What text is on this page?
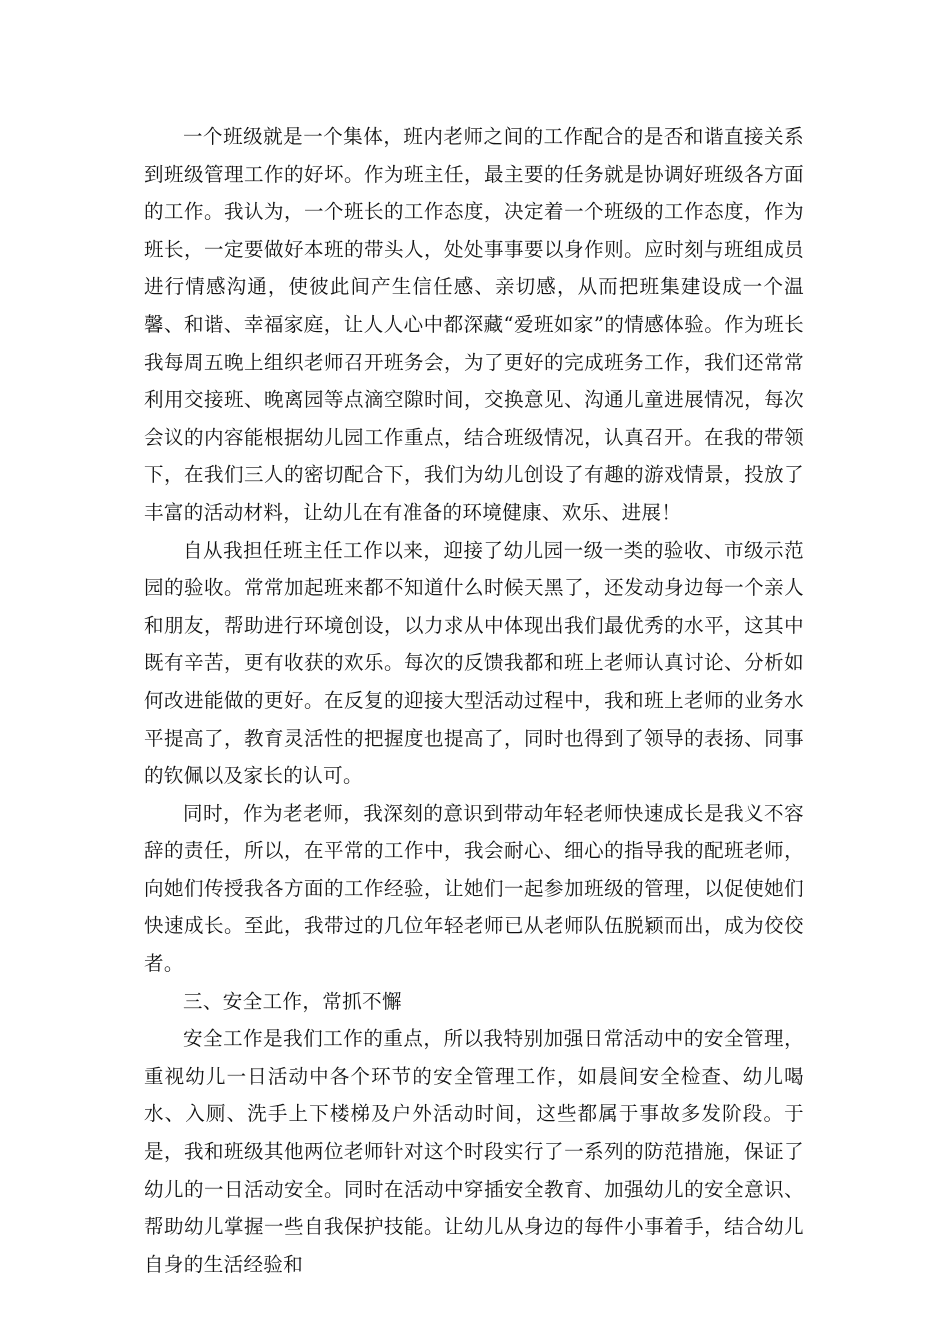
一个班级就是一个集体，班内老师之间的工作配合的是否和谐直接关系到班级管理工作的好坏。作为班主任，最主要的任务就是协调好班级各方面的工作。我认为，一个班长的工作态度，决定着一个班级的工作态度，作为班长，一定要做好本班的带头人，处处事事要以身作则。应时刻与班组成员进行情感沟通，使彼此间产生信任感、亲切感，从而把班集建设成一个温馨、和谐、幸福家庭，让人人心中都深藏“爱班如家”的情感体验。作为班长我每周五晚上组织老师召开班务会，为了更好的完成班务工作，我们还常常利用交接班、晚离园等点滴空隙时间，交换意见、沟通儿童进展情况，每次会议的内容能根据幼儿园工作重点，结合班级情况，认真召开。在我的带领下，在我们三人的密切配合下，我们为幼儿创设了有趣的游戏情景，投放了丰富的活动材料，让幼儿在有准备的环境健康、欢乐、进展！

自从我担任班主任工作以来，迎接了幼儿园一级一类的验收、市级示范园的验收。常常加起班来都不知道什么时候天黑了，还发动身边每一个亲人和朋友，帮助进行环境创设，以力求从中体现出我们最优秀的水平，这其中既有辛苦，更有收获的欢乐。每次的反馈我都和班上老师认真讨论、分析如何改进能做的更好。在反复的迎接大型活动过程中，我和班上老师的业务水平提高了，教育灵活性的把握度也提高了，同时也得到了领导的表扬、同事的钦佩以及家长的认可。

同时，作为老老师，我深刻的意识到带动年轻老师快速成长是我义不容辞的责任，所以，在平常的工作中，我会耐心、细心的指导我的配班老师，向她们传授我各方面的工作经验，让她们一起参加班级的管理，以促使她们快速成长。至此，我带过的几位年轻老师已从老师队伍脱颖而出，成为佼佼者。

三、安全工作，常抓不懈

安全工作是我们工作的重点，所以我特别加强日常活动中的安全管理，重视幼儿一日活动中各个环节的安全管理工作，如晨间安全检查、幼儿喝水、入厕、洗手上下楼梯及户外活动时间，这些都属于事故多发阶段。于是，我和班级其他两位老师针对这个时段实行了一系列的防范措施，保证了幼儿的一日活动安全。同时在活动中穿插安全教育、加强幼儿的安全意识、帮助幼儿掌握一些自我保护技能。让幼儿从身边的每件小事着手，结合幼儿自身的生活经验和
